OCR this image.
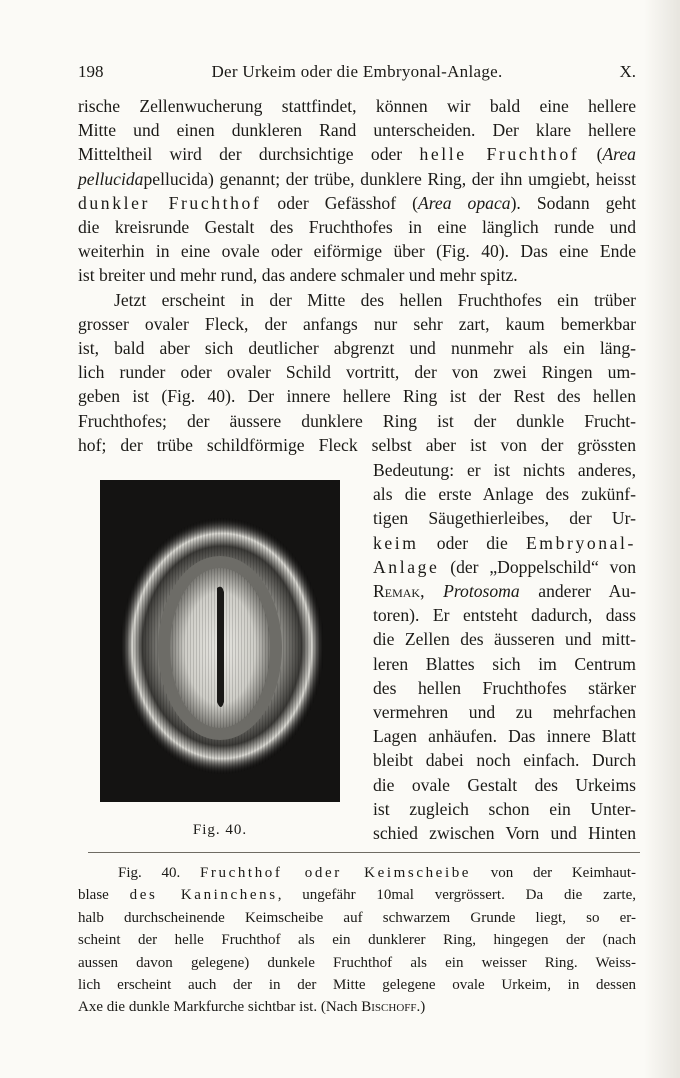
198	Der Urkeim oder die Embryonal-Anlage.	X.
rische Zellenwucherung stattfindet, können wir bald eine hellere
Mitte und einen dunkleren Rand unterscheiden. Der klare hellere
Mitteltheil wird der durchsichtige oder helle Fruchthof (Area
pellucidapellucida) genannt; der trübe, dunklere Ring, der ihn umgiebt, heisst
dunkler Fruchthof oder Gefässhof (Area opaca). Sodann geht
die kreisrunde Gestalt des Fruchthofes in eine länglich runde und
weiterhin in eine ovale oder eiförmige über (Fig. 40). Das eine Ende
ist breiter und mehr rund, das andere schmaler und mehr spitz.
Jetzt erscheint in der Mitte des hellen Fruchthofes ein trüber
grosser ovaler Fleck, der anfangs nur sehr zart, kaum bemerkbar
ist, bald aber sich deutlicher abgrenzt und nunmehr als ein läng-
lich runder oder ovaler Schild vortritt, der von zwei Ringen um-
geben ist (Fig. 40). Der innere hellere Ring ist der Rest des hellen
Fruchthofes; der äussere dunklere Ring ist der dunkle Frucht-
hof; der trübe schildförmige Fleck selbst aber ist von der grössten
Fig. 40.
Bedeutung: er ist nichts anderes,
als die erste Anlage des zukünf-
tigen Säugethierleibes, der Ur-
keim oder die Embryonal-
Anlage (der „Doppelschild“ von
Remak, Protosoma anderer Au-
toren). Er entsteht dadurch, dass
die Zellen des äusseren und mitt-
leren Blattes sich im Centrum
des hellen Fruchthofes stärker
vermehren und zu mehrfachen
Lagen anhäufen. Das innere Blatt
bleibt dabei noch einfach. Durch
die ovale Gestalt des Urkeims
ist zugleich schon ein Unter-
schied zwischen Vorn und Hinten
Fig. 40. Fruchthof oder Keimscheibe von der Keimhaut-
blase des Kaninchens, ungefähr 10mal vergrössert. Da die zarte,
halb durchscheinende Keimscheibe auf schwarzem Grunde liegt, so er-
scheint der helle Fruchthof als ein dunklerer Ring, hingegen der (nach
aussen davon gelegene) dunkele Fruchthof als ein weisser Ring. Weiss-
lich erscheint auch der in der Mitte gelegene ovale Urkeim, in dessen
Axe die dunkle Markfurche sichtbar ist. (Nach Bischoff.)
